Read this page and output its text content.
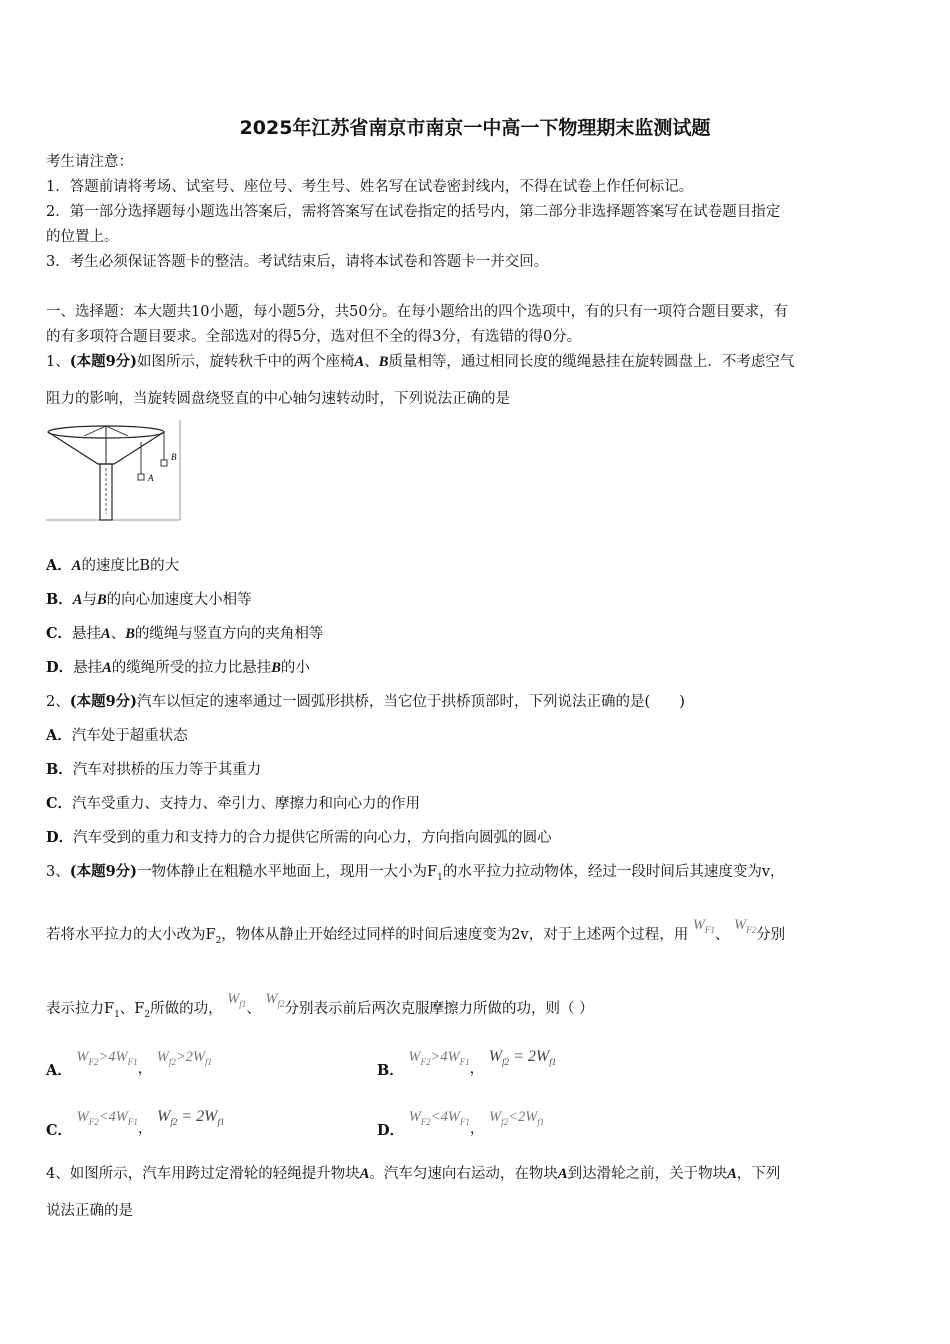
2025年江苏省南京市南京一中高一下物理期末监测试题
考生请注意：
1．答题前请将考场、试室号、座位号、考生号、姓名写在试卷密封线内，不得在试卷上作任何标记。
2．第一部分选择题每小题选出答案后，需将答案写在试卷指定的括号内，第二部分非选择题答案写在试卷题目指定
的位置上。
3．考生必须保证答题卡的整洁。考试结束后，请将本试卷和答题卡一并交回。
一、选择题：本大题共10小题，每小题5分，共50分。在每小题给出的四个选项中，有的只有一项符合题目要求，有
的有多项符合题目要求。全部选对的得5分，选对但不全的得3分，有选错的得0分。
1、(本题9分)如图所示，旋转秋千中的两个座椅A、B质量相等，通过相同长度的缆绳悬挂在旋转圆盘上．不考虑空气
阻力的影响，当旋转圆盘绕竖直的中心轴匀速转动时，下列说法正确的是
A
B
A．A的速度比B的大
B．A与B的向心加速度大小相等
C．悬挂A、B的缆绳与竖直方向的夹角相等
D．悬挂A的缆绳所受的拉力比悬挂B的小
2、(本题9分)汽车以恒定的速率通过一圆弧形拱桥，当它位于拱桥顶部时，下列说法正确的是(　　)
A．汽车处于超重状态
B．汽车对拱桥的压力等于其重力
C．汽车受重力、支持力、牵引力、摩擦力和向心力的作用
D．汽车受到的重力和支持力的合力提供它所需的向心力，方向指向圆弧的圆心
3、(本题9分)一物体静止在粗糙水平地面上，现用一大小为$F_1$的水平拉力拉动物体，经过一段时间后其速度变为v，
若将水平拉力的大小改为$F_2$，物体从静止开始经过同样的时间后速度变为2v，对于上述两个过程，用 $W_{F1}$、 $W_{F2}$分别
表示拉力$F_1$、$F_2$所做的功， $W_{f1}$、 $W_{f2}$分别表示前后两次克服摩擦力所做的功，则（ ）
A． $W_{F2}>4W_{F1}$， $W_{f2}>2W_{f1}$
B． $W_{F2}>4W_{F1}$， $W_{f2} = 2W_{f1}$
C． $W_{F2}<4W_{F1}$， $W_{f2} = 2W_{f1}$	D． $W_{F2}<4W_{F1}$， $W_{f2}<2W_{f1}$
4、如图所示，汽车用跨过定滑轮的轻绳提升物块A。汽车匀速向右运动，在物块A到达滑轮之前，关于物块A，下列
说法正确的是
